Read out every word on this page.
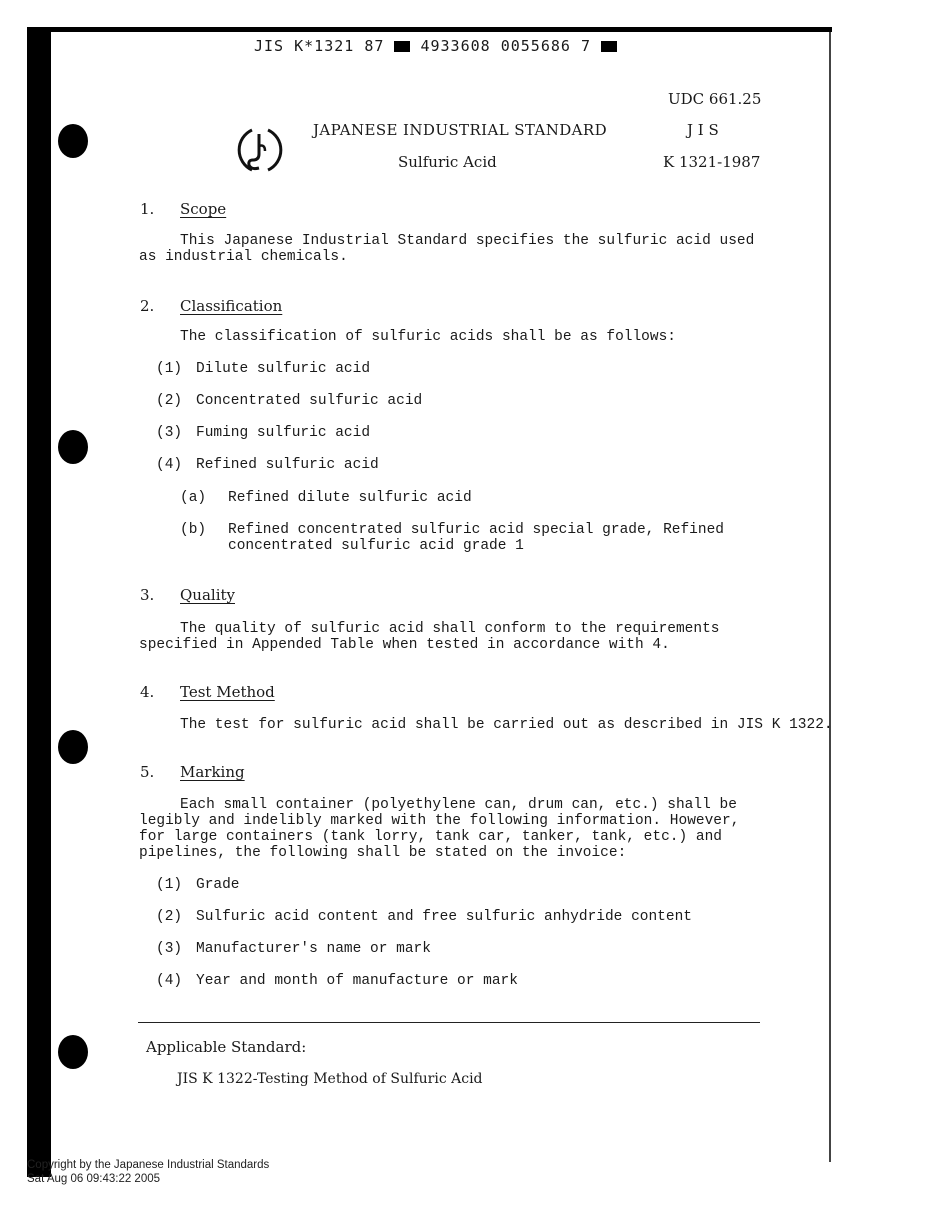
JIS K*1321 87 4933608 0055686 7
UDC 661.25
JAPANESE INDUSTRIAL STANDARD	J I S
Sulfuric Acid	K 1321-1987
1. Scope

This Japanese Industrial Standard specifies the sulfuric acid used as industrial chemicals.

2. Classification
The classification of sulfuric acids shall be as follows:
(1) Dilute sulfuric acid
(2) Concentrated sulfuric acid
(3) Fuming sulfuric acid
(4) Refined sulfuric acid
(a) Refined dilute sulfuric acid
(b) Refined concentrated sulfuric acid special grade, Refined concentrated sulfuric acid grade 1

3. Quality

The quality of sulfuric acid shall conform to the requirements specified in Appended Table when tested in accordance with 4.

4. Test Method
The test for sulfuric acid shall be carried out as described in JIS K 1322.
5. Marking

Each small container (polyethylene can, drum can, etc.) shall be legibly and indelibly marked with the following information. However, for large containers (tank lorry, tank car, tanker, tank, etc.) and pipelines, the following shall be stated on the invoice:

(1) Grade
(2) Sulfuric acid content and free sulfuric anhydride content
(3) Manufacturer's name or mark
(4) Year and month of manufacture or mark
Applicable Standard:
JIS K 1322-Testing Method of Sulfuric Acid
Copyright by the Japanese Industrial Standards
Sat Aug 06 09:43:22 2005
